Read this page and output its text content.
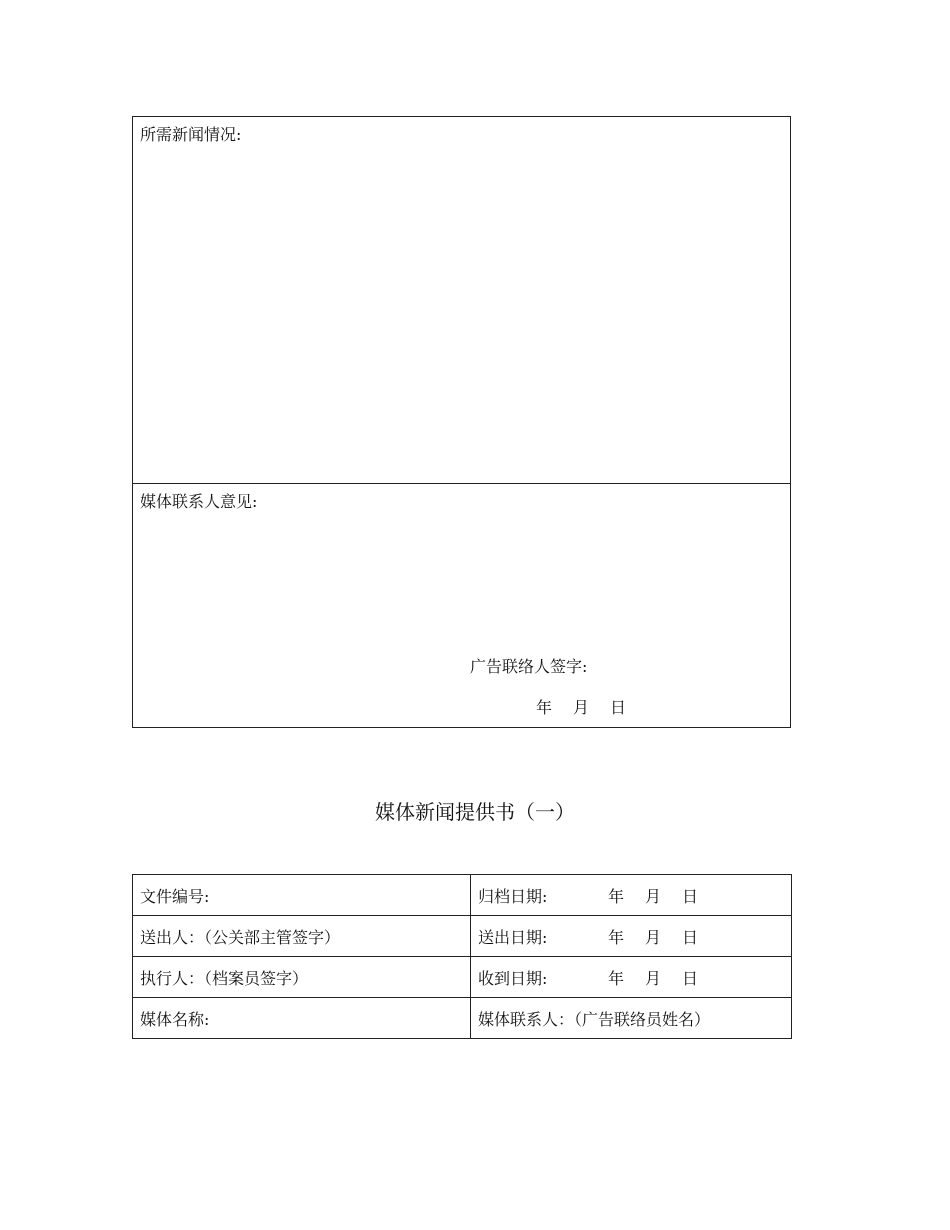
所需新闻情况:
媒体联系人意见:
广告联络人签字:
年 月 日
媒体新闻提供书（一）
文件编号:	归档日期: 年 月 日
送出人：（公关部主管签字）	送出日期: 年 月 日
执行人：（档案员签字）	收到日期: 年 月 日
媒体名称:	媒体联系人：（广告联络员姓名）
